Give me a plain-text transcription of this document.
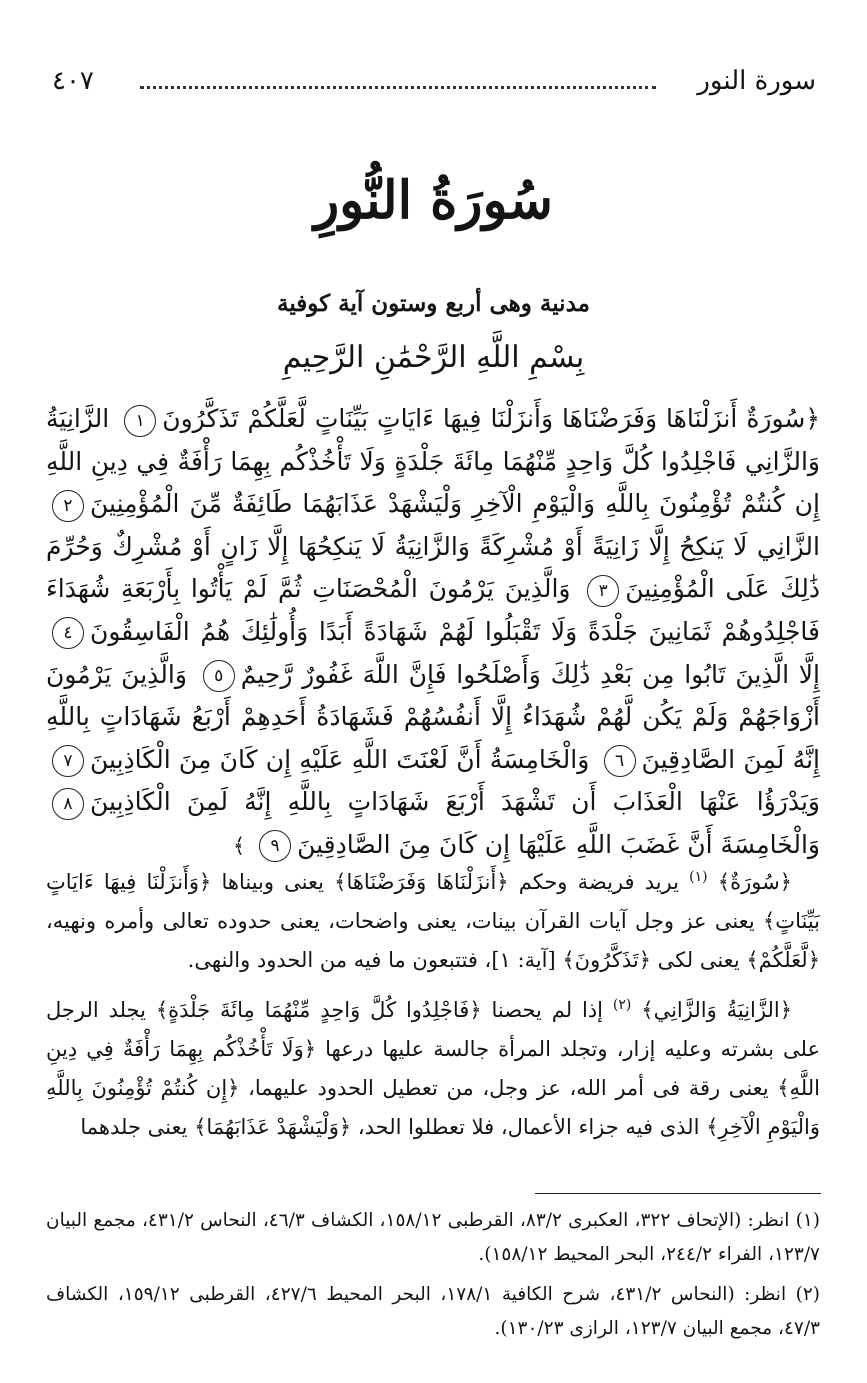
سورة النور
٤٠٧
سُورَةُ النُّورِ
مدنية وهى أربع وستون آية كوفية
بِسْمِ اللَّهِ الرَّحْمَٰنِ الرَّحِيمِ
﴿سُورَةٌ أَنزَلْنَاهَا وَفَرَضْنَاهَا وَأَنزَلْنَا فِيهَا ءَايَاتٍ بَيِّنَاتٍ لَّعَلَّكُمْ تَذَكَّرُونَ١ الزَّانِيَةُ وَالزَّانِي فَاجْلِدُوا كُلَّ وَاحِدٍ مِّنْهُمَا مِائَةَ جَلْدَةٍ وَلَا تَأْخُذْكُم بِهِمَا رَأْفَةٌ فِي دِينِ اللَّهِ إِن كُنتُمْ تُؤْمِنُونَ بِاللَّهِ وَالْيَوْمِ الْآخِرِ وَلْيَشْهَدْ عَذَابَهُمَا طَائِفَةٌ مِّنَ الْمُؤْمِنِينَ٢ الزَّانِي لَا يَنكِحُ إِلَّا زَانِيَةً أَوْ مُشْرِكَةً وَالزَّانِيَةُ لَا يَنكِحُهَا إِلَّا زَانٍ أَوْ مُشْرِكٌ وَحُرِّمَ ذَٰلِكَ عَلَى الْمُؤْمِنِينَ٣ وَالَّذِينَ يَرْمُونَ الْمُحْصَنَاتِ ثُمَّ لَمْ يَأْتُوا بِأَرْبَعَةِ شُهَدَاءَ فَاجْلِدُوهُمْ ثَمَانِينَ جَلْدَةً وَلَا تَقْبَلُوا لَهُمْ شَهَادَةً أَبَدًا وَأُولَٰئِكَ هُمُ الْفَاسِقُونَ٤ إِلَّا الَّذِينَ تَابُوا مِن بَعْدِ ذَٰلِكَ وَأَصْلَحُوا فَإِنَّ اللَّهَ غَفُورٌ رَّحِيمٌ٥ وَالَّذِينَ يَرْمُونَ أَزْوَاجَهُمْ وَلَمْ يَكُن لَّهُمْ شُهَدَاءُ إِلَّا أَنفُسُهُمْ فَشَهَادَةُ أَحَدِهِمْ أَرْبَعُ شَهَادَاتٍ بِاللَّهِ إِنَّهُ لَمِنَ الصَّادِقِينَ٦ وَالْخَامِسَةُ أَنَّ لَعْنَتَ اللَّهِ عَلَيْهِ إِن كَانَ مِنَ الْكَاذِبِينَ٧ وَيَدْرَؤُا عَنْهَا الْعَذَابَ أَن تَشْهَدَ أَرْبَعَ شَهَادَاتٍ بِاللَّهِ إِنَّهُ لَمِنَ الْكَاذِبِينَ٨ وَالْخَامِسَةَ أَنَّ غَضَبَ اللَّهِ عَلَيْهَا إِن كَانَ مِنَ الصَّادِقِينَ٩ ﴾

﴿سُورَةٌ﴾ $^{(١)}$ يريد فريضة وحكم ﴿أَنزَلْنَاهَا وَفَرَضْنَاهَا﴾ يعنى وبيناها ﴿وَأَنزَلْنَا فِيهَا ءَايَاتٍ بَيِّنَاتٍ﴾ يعنى عز وجل آيات القرآن بينات، يعنى واضحات، يعنى حدوده تعالى وأمره ونهيه، ﴿لَّعَلَّكُمْ﴾ يعنى لكى ﴿تَذَكَّرُونَ﴾ [آية: ١]، فتتبعون ما فيه من الحدود والنهى.

﴿الزَّانِيَةُ وَالزَّانِي﴾ $^{(٢)}$ إذا لم يحصنا ﴿فَاجْلِدُوا كُلَّ وَاحِدٍ مِّنْهُمَا مِائَةَ جَلْدَةٍ﴾ يجلد الرجل على بشرته وعليه إزار، وتجلد المرأة جالسة عليها درعها ﴿وَلَا تَأْخُذْكُم بِهِمَا رَأْفَةٌ فِي دِينِ اللَّهِ﴾ يعنى رقة فى أمر الله، عز وجل، من تعطيل الحدود عليهما، ﴿إِن كُنتُمْ تُؤْمِنُونَ بِاللَّهِ وَالْيَوْمِ الْآخِرِ﴾ الذى فيه جزاء الأعمال، فلا تعطلوا الحد، ﴿وَلْيَشْهَدْ عَذَابَهُمَا﴾ يعنى جلدهما

(١) انظر: (الإتحاف ٣٢٢، العكبرى ٨٣/٢، القرطبى ١٥٨/١٢، الكشاف ٤٦/٣، النحاس ٤٣١/٢، مجمع البيان ١٢٣/٧، الفراء ٢٤٤/٢، البحر المحيط ١٥٨/١٢).

(٢) انظر: (النحاس ٤٣١/٢، شرح الكافية ١٧٨/١، البحر المحيط ٤٢٧/٦، القرطبى ١٥٩/١٢، الكشاف ٤٧/٣، مجمع البيان ١٢٣/٧، الرازى ١٣٠/٢٣).
